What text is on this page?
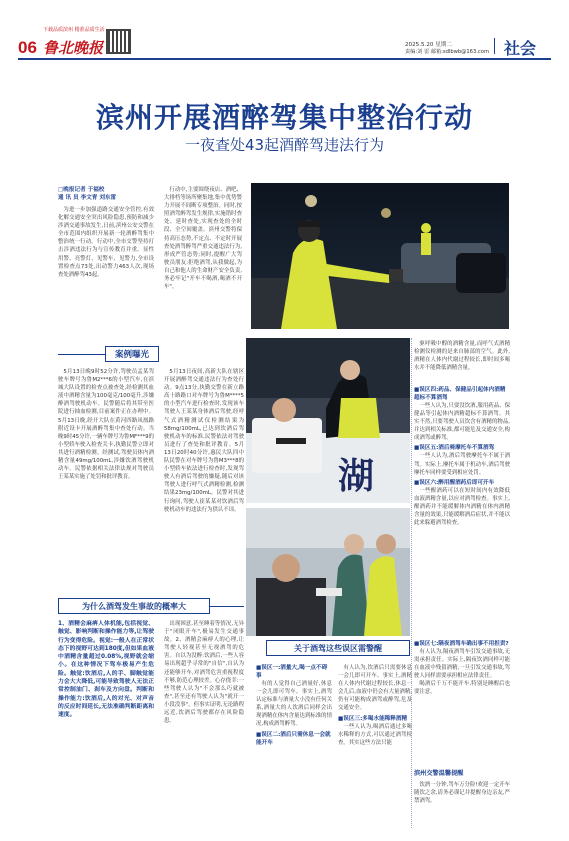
06 鲁北晚报
下载品质滨州 精准品质生活
2025.5.20 星期二
责编:刘 雷 邮箱:sdlbwb@163.com 社会
滨州开展酒醉驾集中整治行动
一夜查处43起酒醉驾违法行为
□晚报记者 于福校
通 讯 员 李文青 刘东雷

为进一步加强道路交通安全管控,有效化解交通安全突出风险隐患,预防和减少涉酒交通事故发生,日前,滨州公安交警在全市范围内组织开展新一轮酒醉驾集中整治统一行动。行动中,全市交警坚持打击涉酒违法行为与宣传教育并重。显性用警、亮警灯、见警车、见警力,全市设置检查点73处,出动警力463人次,现场查处酒醉驾43起。

行动中,主要围绕夜店、酒吧、大排档等场所聚集地,集中优势警力开展不间断专项整治。同时,按照酒驾醉驾发生规律,实施错时查处、延时查处,实现查处的全时段、全空间覆盖。滨州交警将保持高压态势,不定点、不定时开展查处酒驾醉驾严重交通违法行为,形成严管态势;同时,提醒广大驾驶员朋友:拒绝酒驾,从我做起,为自己和他人的生命财产安全负责,务必牢记"开车不喝酒,喝酒不开车"。

案例曝光

5月13日晚9时52分许,驾驶员孟某驾驶车牌号为鲁M2***6的小型汽车,在滨城大队设置的检查点被查处,经检测其血液中酒精含量为100毫克/100毫升,涉嫌醉酒驾驶机动车。民警随后将其带至医院进行抽血检测,目前案件正在办理中。5月13日晚,经开大队在黄河四路凤凰路附近设卡开展酒醉驾集中查处行动。当晚9时45分许,一辆车牌号为鲁MF***9的小型轿车驶入检查关卡,执勤民警立即对其进行酒精检测。经测试,驾驶员体内酒精含量49mg/100mL,涉嫌饮酒驾驶机动车。民警依据相关法律法规对驾驶员王某某实施了处罚和批评教育。

5月13日夜间,高新大队在辖区开展酒醉驾交通违法行为查处行动。9点13分,执勤交警在新立路高十路路口对车牌号为鲁M****5的小型汽车进行检查时,发现该车驾驶人王某某身体酒后驾驶,经呼气式酒精测试仪检测结果为58mg/100mL,已达到饮酒后驾驶机动车的标准,民警依法对驾驶员进行了查处和批评教育。5月13日20时40分许,惠民大队四中队民警在对车牌号为鲁M3***8的小型轿车依法进行检查时,发现驾驶人有酒后驾驶的嫌疑,随后对该驾驶人进行呼气式酒精检测,检测结果23mg/100mL。民警对其进行询问,驾驶人崔某某对饮酒后驾驶机动车的违法行为供认不讳。

湖

驱呼吸中醇的酒精含量,而呼气式酒精检测仪检测的是来自肺部的空气。此外,酒精在人体内代谢过程较长,即时间多喝水并不能降低酒精含量。

■误区四:药品、保健品引起体内酒精超标不算酒驾

一些人认为,只要没饮酒,服用药品、保健品等引起体内酒精超标不算酒驾。其实不然,只要驾驶人员饮含有酒精的物品,并达到相关标准,都可能危及交通安全,构成酒驾或醉驾。

■误区五:酒后骑摩托车不算酒驾

一些人认为,酒后驾驶摩托车不属于酒驾。实际上,摩托车属于机动车,酒后驾驶摩托车同样要受到相应处罚。

■误区六:醉用醒酒药后即可开车

一些醒酒药可以在短时间内有效降低血液酒精含量,以应对酒驾检查。事实上,醒酒药并不能缓解体内酒精在体内酒精含量的效果,只能缓解酒后症状,并不能以此来躲避酒驾检查。

为什么酒驾发生事故的概率大
1、酒精会麻痹人体机能,包括视觉、触觉、影响判断和操作能力等,让驾驶行为变得危险。视觉:一般人在正常状态下的视野可达到180度,但如果血液中酒精含量超过0.08%,视野就会缩小。在这种情况下驾车极易产生危险。触觉:饮酒后,人的手、脚触觉能力会大大降低,可能导致驾驶人无法正常控制油门、刹车及方向盘。判断和操作能力:饮酒后,人的对光、对声音的反应时间延长,无法准确判断距离和速度。

出现困意,甚至睡着等情况,无异于"闭眼开车",极易发生交通事故。2、酒精会麻痹人的心理,让驾驶人轻视甚至无视酒驾的危害。自以为没醉:饮酒后,一些人容易出现超乎寻常的"自信",自认为还能够开车,对酒驾危害重视程度不够,防范心理较差。心存侥幸:一些驾驶人认为"不会那么巧就被查",甚至还有驾驶人认为"就开一小段没事"。但事实证明,无论路程远近,饮酒后驾驶都存在风险隐患。

关于酒驾这些误区需警醒
■误区一:酒量大,喝一点不碍事

有的人觉得自己酒量好,休息一会儿即可驾车。事实上,酒驾认定标准与酒量大小没有任何关系,酒量大的人饮酒后同样会出现酒精在体内含量达到标准的情况,构成酒驾醉驾。

■误区二:酒后只需休息一会就能开车

有人认为,饮酒后只需要休息一会儿即可开车。事实上,酒精在人体内代谢过程较长,休息一会儿后,血液中仍会有大量酒精,仍有可能构成酒驾或醉驾,危及交通安全。

■误区三:多喝水能稀释酒精

一些人认为,喝酒后通过多喝水稀释的方式,可以通过酒驾检查。其实这些方法只能

■误区七:隔夜酒驾车确出事不用担责?

有人认为,隔夜酒驾车引发交通事故,无需承担责任。实际上,隔夜饮酒同样可能在血液中残留酒精,一旦引发交通事故,驾驶人同样需要承担相应法律责任。

喝酒后千万不能开车,特别是睡醒后也要注意。

滨州交警温馨提醒

饮酒一分钟,驾车万分险!欢迎一定开车随饮之余,请务必谨记并提醒身边亲友,严禁酒驾。
